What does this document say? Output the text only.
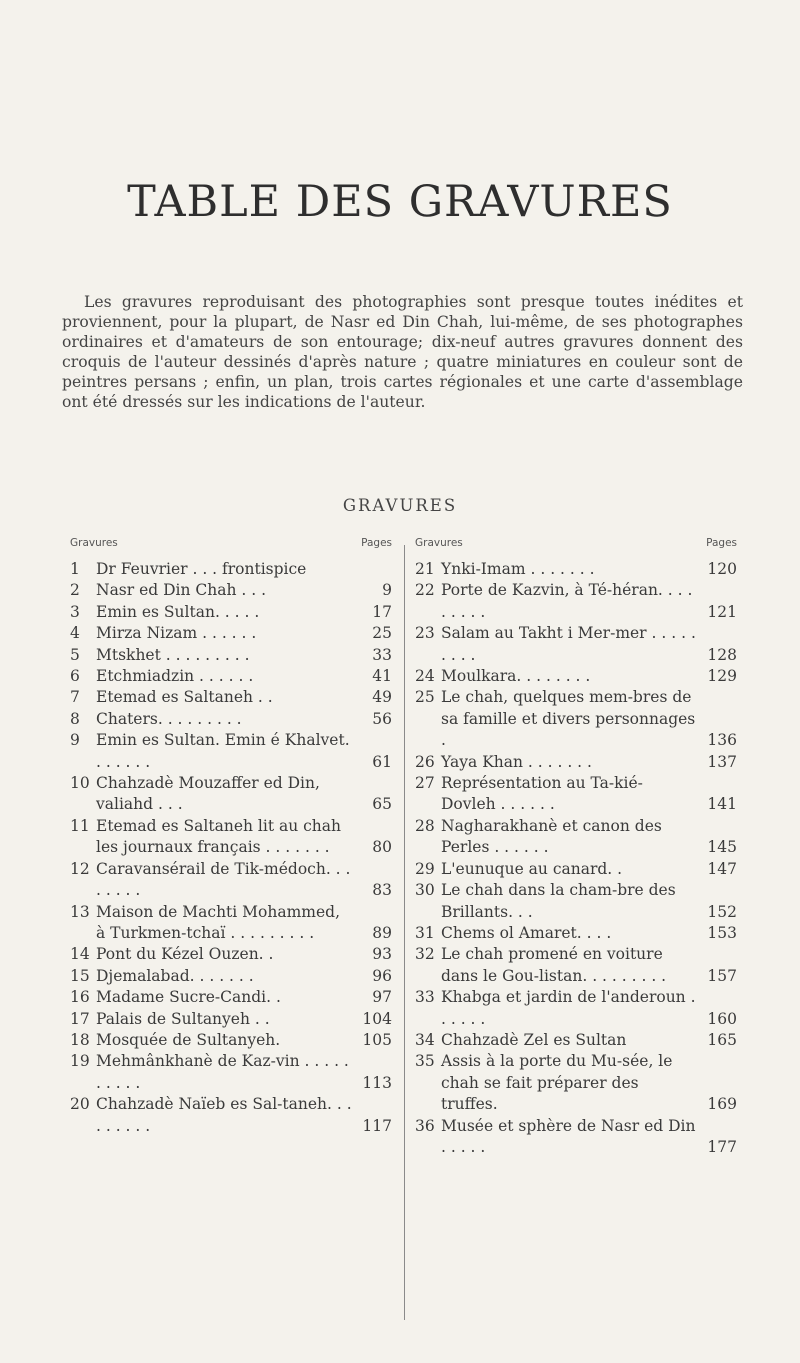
TABLE DES GRAVURES

Les gravures reproduisant des photographies sont presque toutes inédites et proviennent, pour la plupart, de Nasr ed Din Chah, lui-même, de ses photographes ordinaires et d'amateurs de son entourage; dix-neuf autres gravures donnent des croquis de l'auteur dessinés d'après nature ; quatre miniatures en couleur sont de peintres persans ; enfin, un plan, trois cartes régionales et une carte d'assemblage ont été dressés sur les indications de l'auteur.

GRAVURES
Gravures	Pages
1	Dr Feuvrier . . . frontispice
2	Nasr ed Din Chah . . .	9
3	Emin es Sultan. . . . .	17
4	Mirza Nizam . . . . . .	25
5	Mtskhet . . . . . . . . .	33
6	Etchmiadzin . . . . . .	41
7	Etemad es Saltaneh . .	49
8	Chaters. . . . . . . . .	56
9	Emin es Sultan. Emin é Khalvet. . . . . . .	61
10 Chahzadè Mouzaffer ed Din, valiahd . . .	65
11 Etemad es Saltaneh lit au chah les journaux français . . . . . . .	80
12 Caravansérail de Tik-médoch. . . . . . . .	83
13 Maison de Machti Mohammed, à Turkmen-tchaï . . . . . . . . .	89
14 Pont du Kézel Ouzen. .	93
15 Djemalabad. . . . . . .	96
16 Madame Sucre-Candi. .	97
17 Palais de Sultanyeh . .	104
18 Mosquée de Sultanyeh.	105
19 Mehmânkhanè de Kaz-vin . . . . . . . . . .	113
20 Chahzadè Naïeb es Sal-taneh. . . . . . . . .	117
Gravures	Pages
21 Ynki-Imam . . . . . . .	120
22 Porte de Kazvin, à Té-héran. . . . . . . . .	121
23 Salam au Takht i Mer-mer . . . . . . . . .	128
24 Moulkara. . . . . . . .	129
25 Le chah, quelques mem-bres de sa famille et divers personnages .	136
26 Yaya Khan . . . . . . .	137
27 Représentation au Ta-kié-Dovleh . . . . . .	141
28 Nagharakhanè et canon des Perles . . . . . .	145
29 L'eunuque au canard. .	147
30 Le chah dans la cham-bre des Brillants. . .	152
31 Chems ol Amaret. . . .	153
32 Le chah promené en voiture dans le Gou-listan. . . . . . . . .	157
33 Khabga et jardin de l'anderoun . . . . . .	160
34 Chahzadè Zel es Sultan	165
35 Assis à la porte du Mu-sée, le chah se fait préparer des truffes.	169
36 Musée et sphère de Nasr ed Din . . . . .	177
